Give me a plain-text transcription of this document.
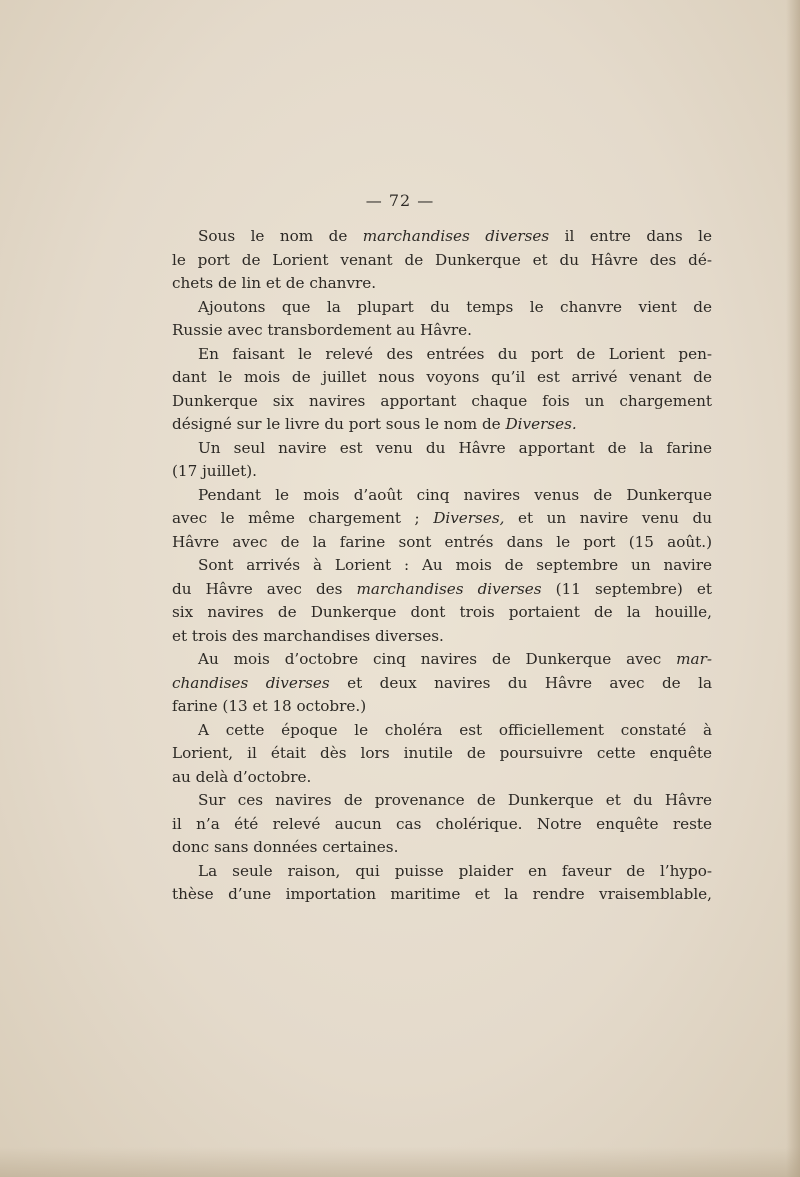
— 72 —
Sous le nom de marchandises diverses il entre dans le
le port de Lorient venant de Dunkerque et du Hâvre des dé-
chets de lin et de chanvre.
Ajoutons que la plupart du temps le chanvre vient de
Russie avec transbordement au Hâvre.
En faisant le relevé des entrées du port de Lorient pen-
dant le mois de juillet nous voyons qu’il est arrivé venant de
Dunkerque six navires apportant chaque fois un chargement
désigné sur le livre du port sous le nom de Diverses.
Un seul navire est venu du Hâvre apportant de la farine
(17 juillet).
Pendant le mois d’août cinq navires venus de Dunkerque
avec le même chargement ; Diverses, et un navire venu du
Hâvre avec de la farine sont entrés dans le port (15 août.)
Sont arrivés à Lorient : Au mois de septembre un navire
du Hâvre avec des marchandises diverses (11 septembre) et
six navires de Dunkerque dont trois portaient de la houille,
et trois des marchandises diverses.
Au mois d’octobre cinq navires de Dunkerque avec mar-
chandises diverses et deux navires du Hâvre avec de la
farine (13 et 18 octobre.)
A cette époque le choléra est officiellement constaté à
Lorient, il était dès lors inutile de poursuivre cette enquête
au delà d’octobre.
Sur ces navires de provenance de Dunkerque et du Hâvre
il n’a été relevé aucun cas cholérique. Notre enquête reste
donc sans données certaines.
La seule raison, qui puisse plaider en faveur de l’hypo-
thèse d’une importation maritime et la rendre vraisemblable,
